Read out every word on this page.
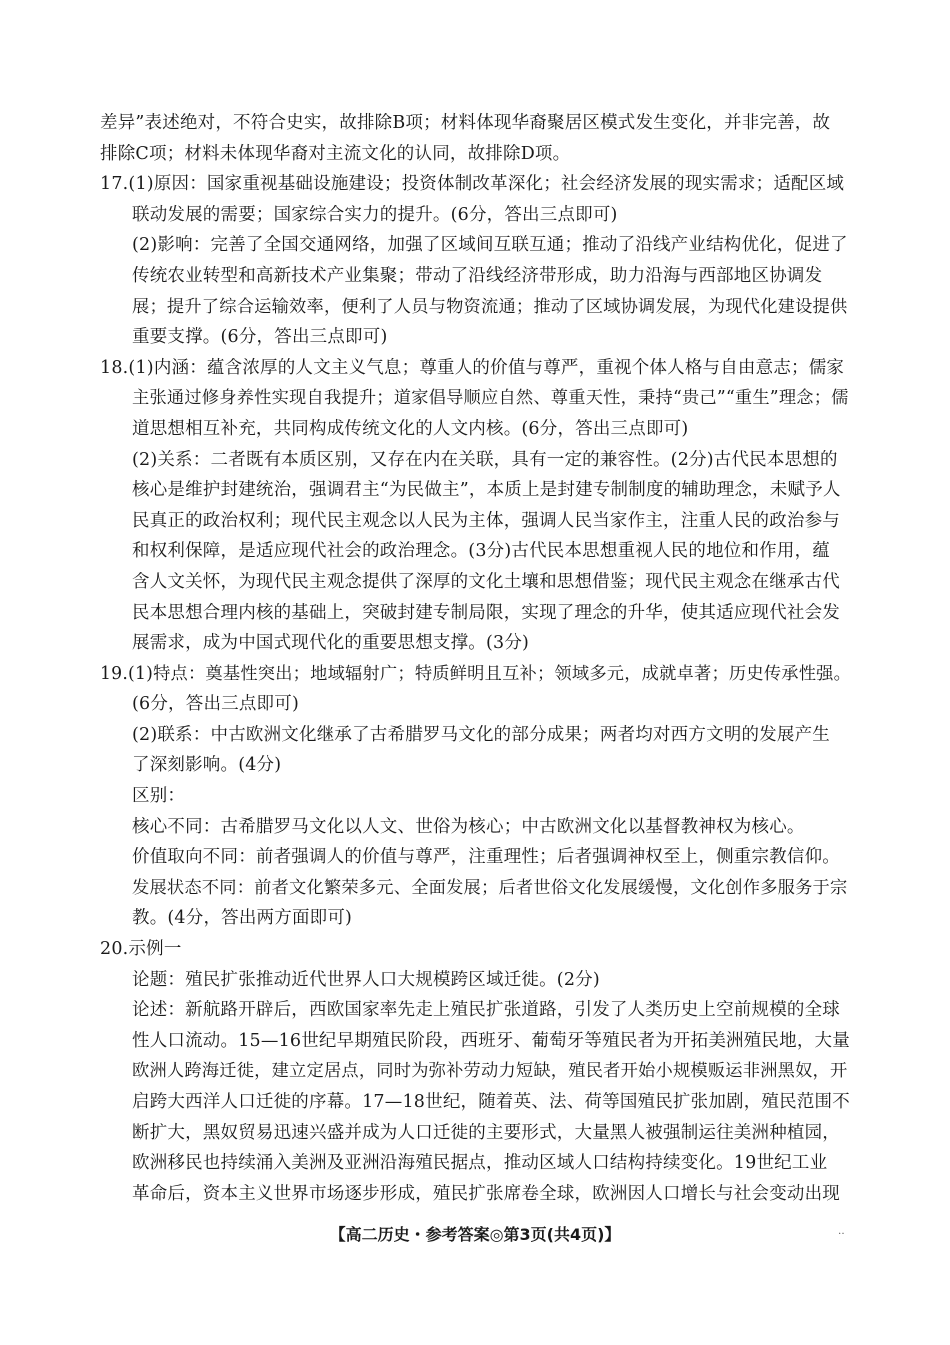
差异”表述绝对，不符合史实，故排除B项；材料体现华裔聚居区模式发生变化，并非完善，故
排除C项；材料未体现华裔对主流文化的认同，故排除D项。
17.(1)原因：国家重视基础设施建设；投资体制改革深化；社会经济发展的现实需求；适配区域
联动发展的需要；国家综合实力的提升。(6分，答出三点即可)
(2)影响：完善了全国交通网络，加强了区域间互联互通；推动了沿线产业结构优化，促进了
传统农业转型和高新技术产业集聚；带动了沿线经济带形成，助力沿海与西部地区协调发
展；提升了综合运输效率，便利了人员与物资流通；推动了区域协调发展，为现代化建设提供
重要支撑。(6分，答出三点即可)
18.(1)内涵：蕴含浓厚的人文主义气息；尊重人的价值与尊严，重视个体人格与自由意志；儒家
主张通过修身养性实现自我提升；道家倡导顺应自然、尊重天性，秉持“贵己”“重生”理念；儒
道思想相互补充，共同构成传统文化的人文内核。(6分，答出三点即可)
(2)关系：二者既有本质区别，又存在内在关联，具有一定的兼容性。(2分)古代民本思想的
核心是维护封建统治，强调君主“为民做主”，本质上是封建专制制度的辅助理念，未赋予人
民真正的政治权利；现代民主观念以人民为主体，强调人民当家作主，注重人民的政治参与
和权利保障，是适应现代社会的政治理念。(3分)古代民本思想重视人民的地位和作用，蕴
含人文关怀，为现代民主观念提供了深厚的文化土壤和思想借鉴；现代民主观念在继承古代
民本思想合理内核的基础上，突破封建专制局限，实现了理念的升华，使其适应现代社会发
展需求，成为中国式现代化的重要思想支撑。(3分)
19.(1)特点：奠基性突出；地域辐射广；特质鲜明且互补；领域多元，成就卓著；历史传承性强。
(6分，答出三点即可)
(2)联系：中古欧洲文化继承了古希腊罗马文化的部分成果；两者均对西方文明的发展产生
了深刻影响。(4分)
区别：
核心不同：古希腊罗马文化以人文、世俗为核心；中古欧洲文化以基督教神权为核心。
价值取向不同：前者强调人的价值与尊严，注重理性；后者强调神权至上，侧重宗教信仰。
发展状态不同：前者文化繁荣多元、全面发展；后者世俗文化发展缓慢，文化创作多服务于宗
教。(4分，答出两方面即可)
20.示例一
论题：殖民扩张推动近代世界人口大规模跨区域迁徙。(2分)
论述：新航路开辟后，西欧国家率先走上殖民扩张道路，引发了人类历史上空前规模的全球
性人口流动。15—16世纪早期殖民阶段，西班牙、葡萄牙等殖民者为开拓美洲殖民地，大量
欧洲人跨海迁徙，建立定居点，同时为弥补劳动力短缺，殖民者开始小规模贩运非洲黑奴，开
启跨大西洋人口迁徙的序幕。17—18世纪，随着英、法、荷等国殖民扩张加剧，殖民范围不
断扩大，黑奴贸易迅速兴盛并成为人口迁徙的主要形式，大量黑人被强制运往美洲种植园，
欧洲移民也持续涌入美洲及亚洲沿海殖民据点，推动区域人口结构持续变化。19世纪工业
革命后，资本主义世界市场逐步形成，殖民扩张席卷全球，欧洲因人口增长与社会变动出现
【高二历史・参考答案◎第3页(共4页)】	‥
